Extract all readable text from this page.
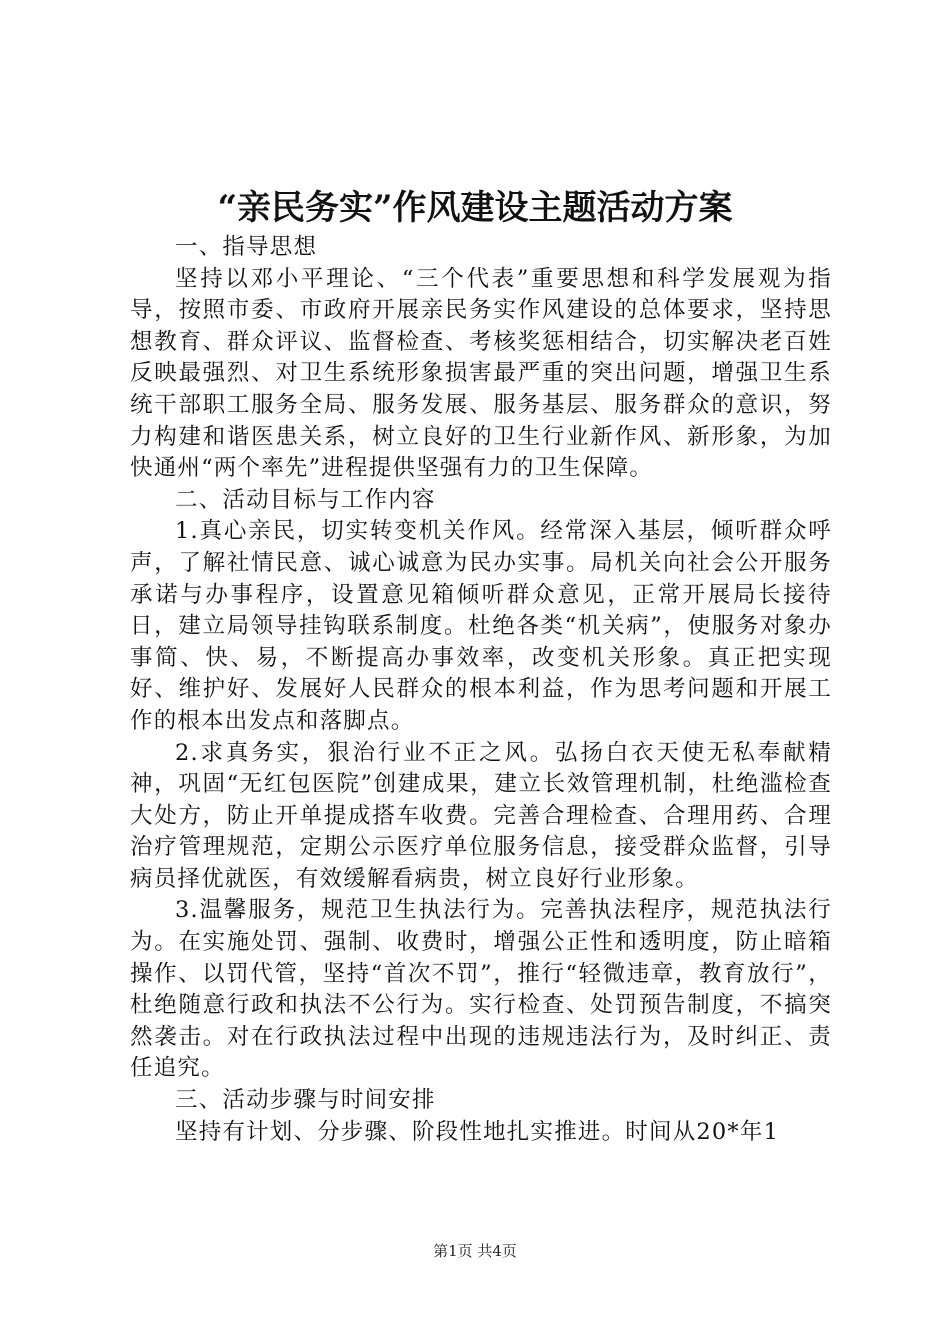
“亲民务实”作风建设主题活动方案

一、指导思想

坚持以邓小平理论、“三个代表”重要思想和科学发展观为指导，按照市委、市政府开展亲民务实作风建设的总体要求，坚持思想教育、群众评议、监督检查、考核奖惩相结合，切实解决老百姓反映最强烈、对卫生系统形象损害最严重的突出问题，增强卫生系统干部职工服务全局、服务发展、服务基层、服务群众的意识，努力构建和谐医患关系，树立良好的卫生行业新作风、新形象，为加快通州“两个率先”进程提供坚强有力的卫生保障。

二、活动目标与工作内容

1.真心亲民，切实转变机关作风。经常深入基层，倾听群众呼声，了解社情民意、诚心诚意为民办实事。局机关向社会公开服务承诺与办事程序，设置意见箱倾听群众意见，正常开展局长接待日，建立局领导挂钩联系制度。杜绝各类“机关病”，使服务对象办事简、快、易，不断提高办事效率，改变机关形象。真正把实现好、维护好、发展好人民群众的根本利益，作为思考问题和开展工作的根本出发点和落脚点。

2.求真务实，狠治行业不正之风。弘扬白衣天使无私奉献精神，巩固“无红包医院”创建成果，建立长效管理机制，杜绝滥检查大处方，防止开单提成搭车收费。完善合理检查、合理用药、合理治疗管理规范，定期公示医疗单位服务信息，接受群众监督，引导病员择优就医，有效缓解看病贵，树立良好行业形象。

3.温馨服务，规范卫生执法行为。完善执法程序，规范执法行为。在实施处罚、强制、收费时，增强公正性和透明度，防止暗箱操作、以罚代管，坚持“首次不罚”，推行“轻微违章，教育放行”，杜绝随意行政和执法不公行为。实行检查、处罚预告制度，不搞突然袭击。对在行政执法过程中出现的违规违法行为，及时纠正、责任追究。

三、活动步骤与时间安排

坚持有计划、分步骤、阶段性地扎实推进。时间从20*年1

第1页 共4页
